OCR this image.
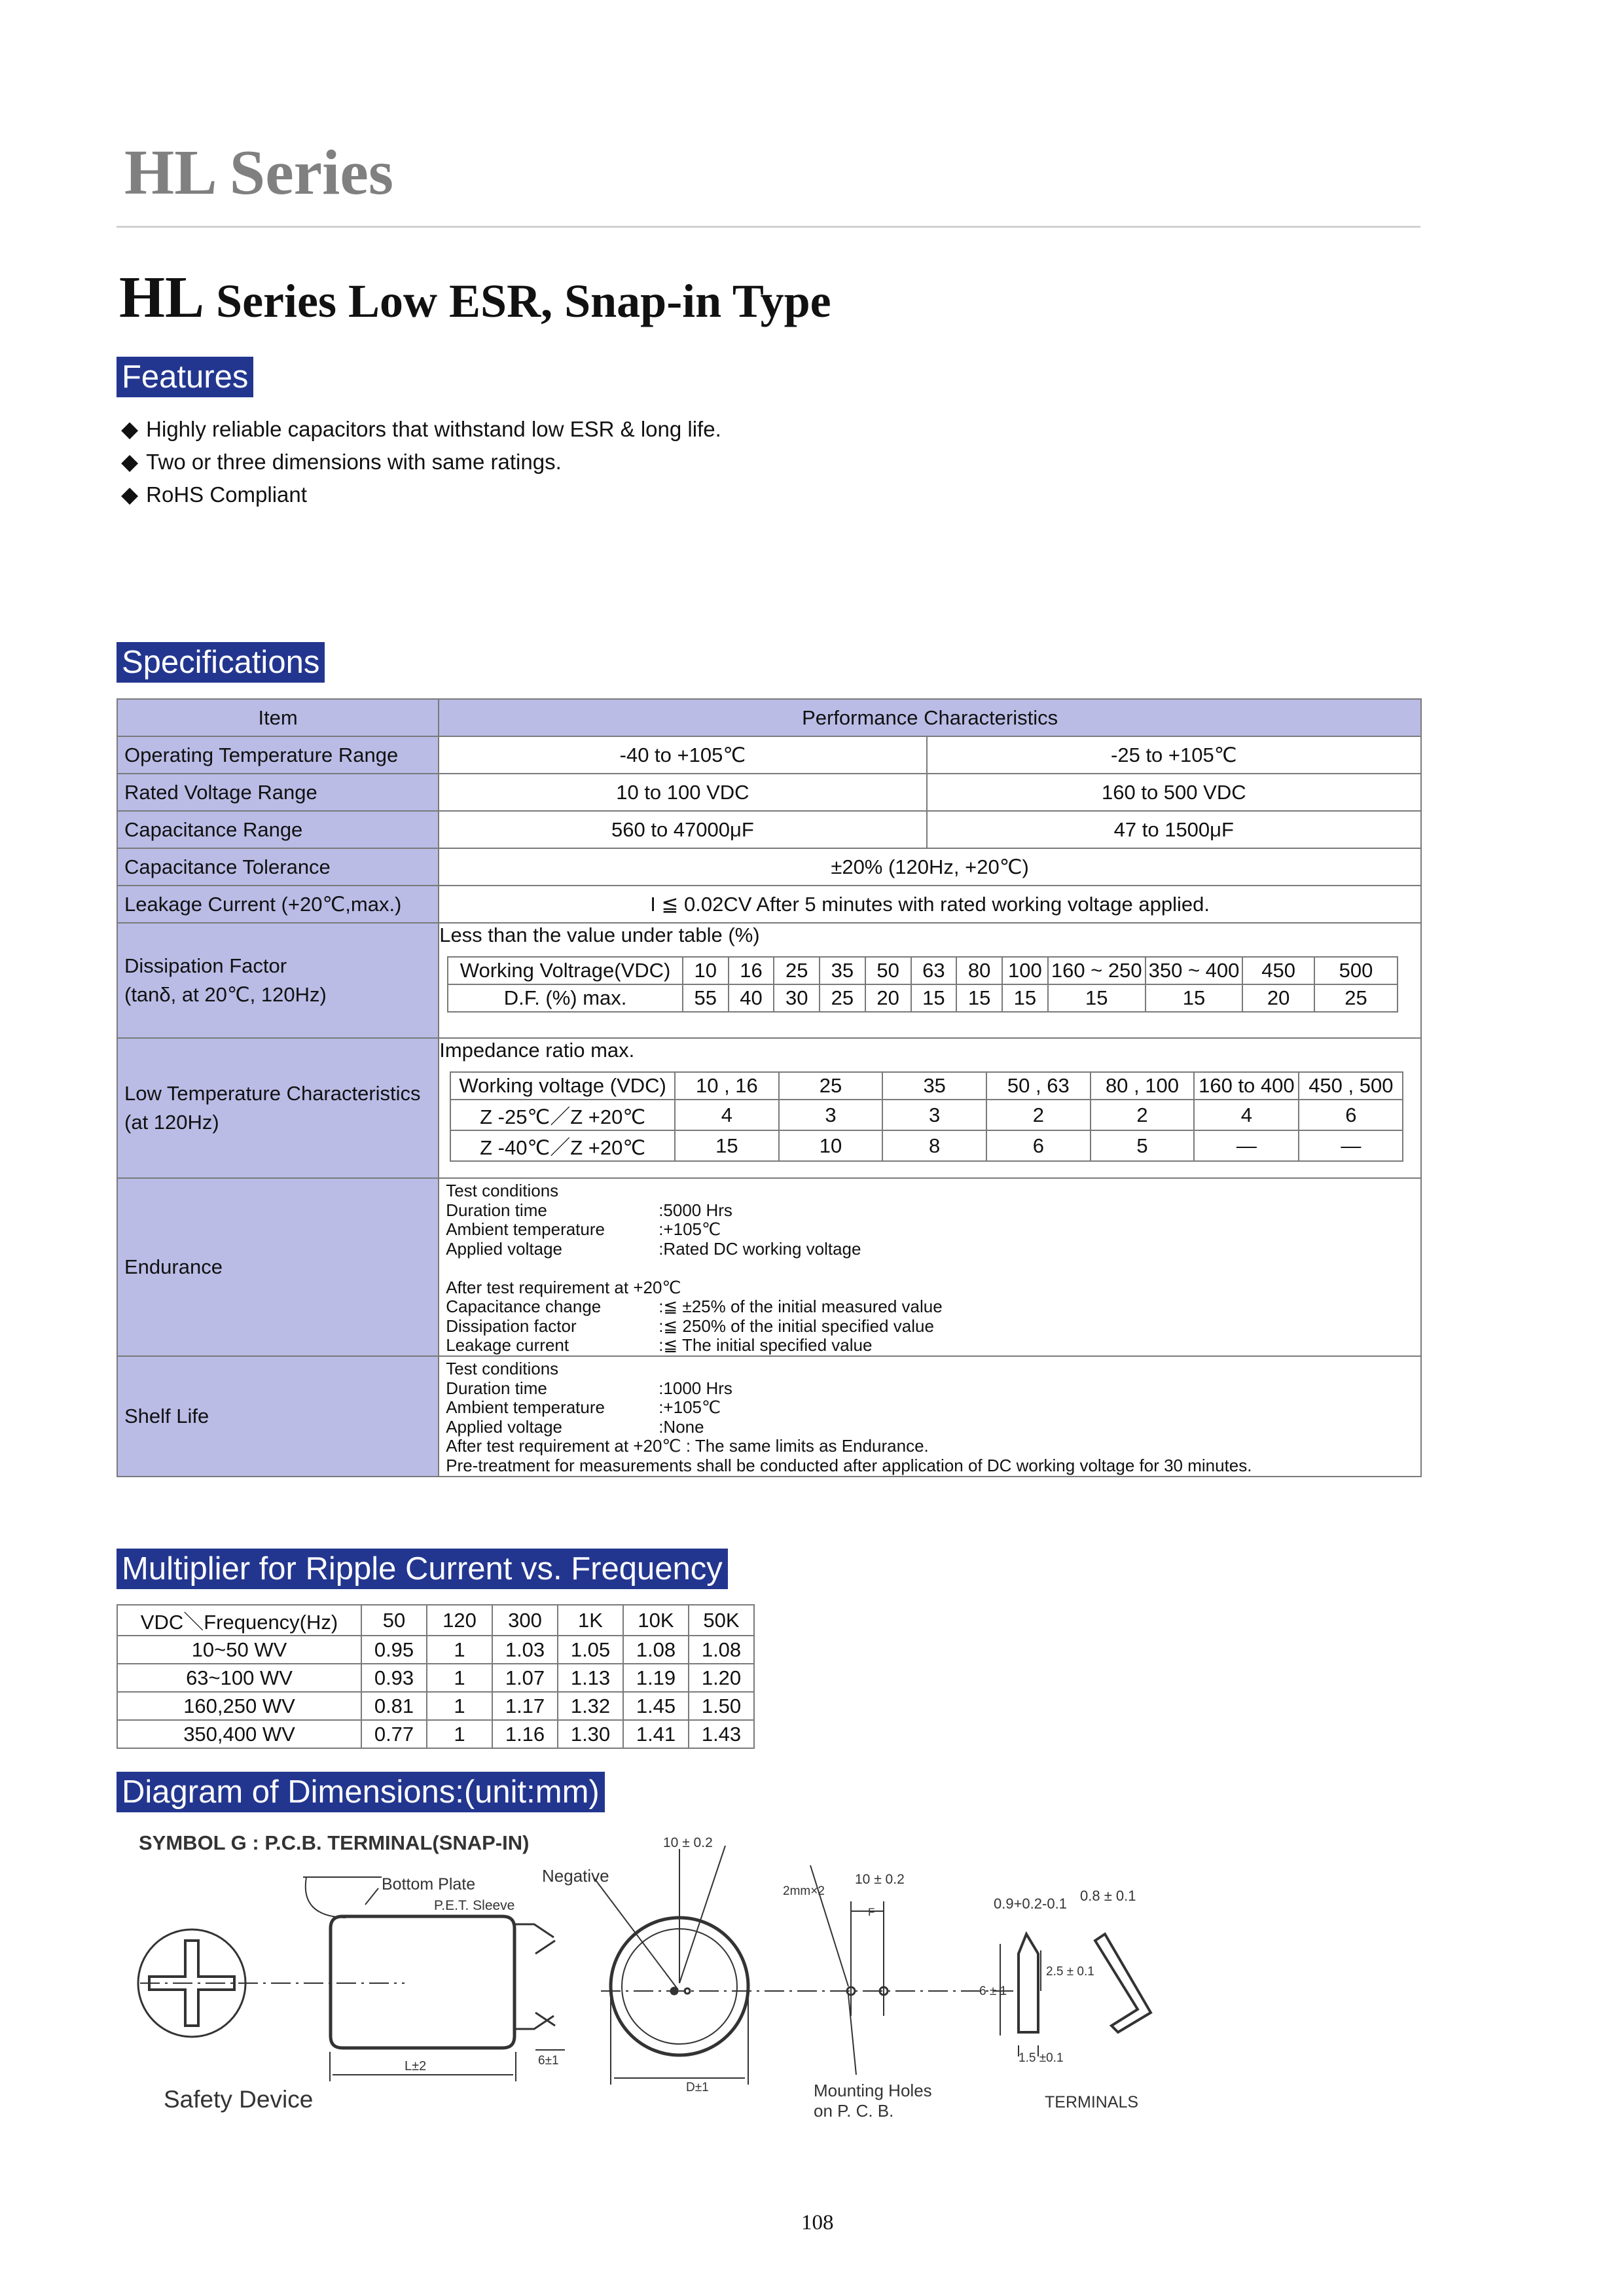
HL Series
HL Series Low ESR, Snap-in Type
Features
◆ Highly reliable capacitors that withstand low ESR & long life.
◆ Two or three dimensions with same ratings.
◆ RoHS Compliant
Specifications
Item	Performance Characteristics
Operating Temperature Range	-40 to +105℃	-25 to +105℃
Rated Voltage Range	10 to 100 VDC	160 to 500 VDC
Capacitance Range	560 to 47000μF	47 to 1500μF
Capacitance Tolerance	±20% (120Hz, +20℃)
Leakage Current (+20℃,max.)	I ≦ 0.02CV After 5 minutes with rated working voltage applied.
Dissipation Factor
(tanδ, at 20℃, 120Hz)	
Less than the value under table (%)
Working Voltrage(VDC)	10	16	25	35	50	63	80	100	160 ~ 250	350 ~ 400	450	500
D.F. (%) max.	55	40	30	25	20	15	15	15	15	15	20	25

Low Temperature Characteristics
(at 120Hz)	
Impedance ratio max.
Working voltage (VDC)	10 , 16	25	35	50 , 63	80 , 100	160 to 400	450 , 500
Z -25℃／Z +20℃	4	3	3	2	2	4	6
Z -40℃／Z +20℃	15	10	8	6	5	—	—

Endurance	
Test conditions
Duration time	:5000 Hrs
Ambient temperature	:+105℃
Applied voltage	:Rated DC working voltage
After test requirement at +20℃
Capacitance change	:≦ ±25% of the initial measured value
Dissipation factor	:≦ 250% of the initial specified value
Leakage current	:≦ The initial specified value

Shelf Life	
Test conditions
Duration time	:1000 Hrs
Ambient temperature	:+105℃
Applied voltage	:None
After test requirement at +20℃ : The same limits as Endurance.
Pre-treatment for measurements shall be conducted after application of DC working voltage for 30 minutes.
Multiplier for Ripple Current vs. Frequency
VDC＼Frequency(Hz)	50	120	300	1K	10K	50K
10~50 WV	0.95	1	1.03	1.05	1.08	1.08
63~100 WV	0.93	1	1.07	1.13	1.19	1.20
160,250 WV	0.81	1	1.17	1.32	1.45	1.50
350,400 WV	0.77	1	1.16	1.30	1.41	1.43
Diagram of Dimensions:(unit:mm)
SYMBOL G : P.C.B. TERMINAL(SNAP-IN)
Bottom Plate
P.E.T. Sleeve
Safety Device
L±2	6±1
Negative
10 ± 0.2
D±1
2mm×2
10 ± 0.2
F
Mounting Holes
on P. C. B.
0.9+0.2-0.1 0.8 ± 0.1
2.5 ± 0.1
6 ± 1
1.5 ±0.1
TERMINALS
108
